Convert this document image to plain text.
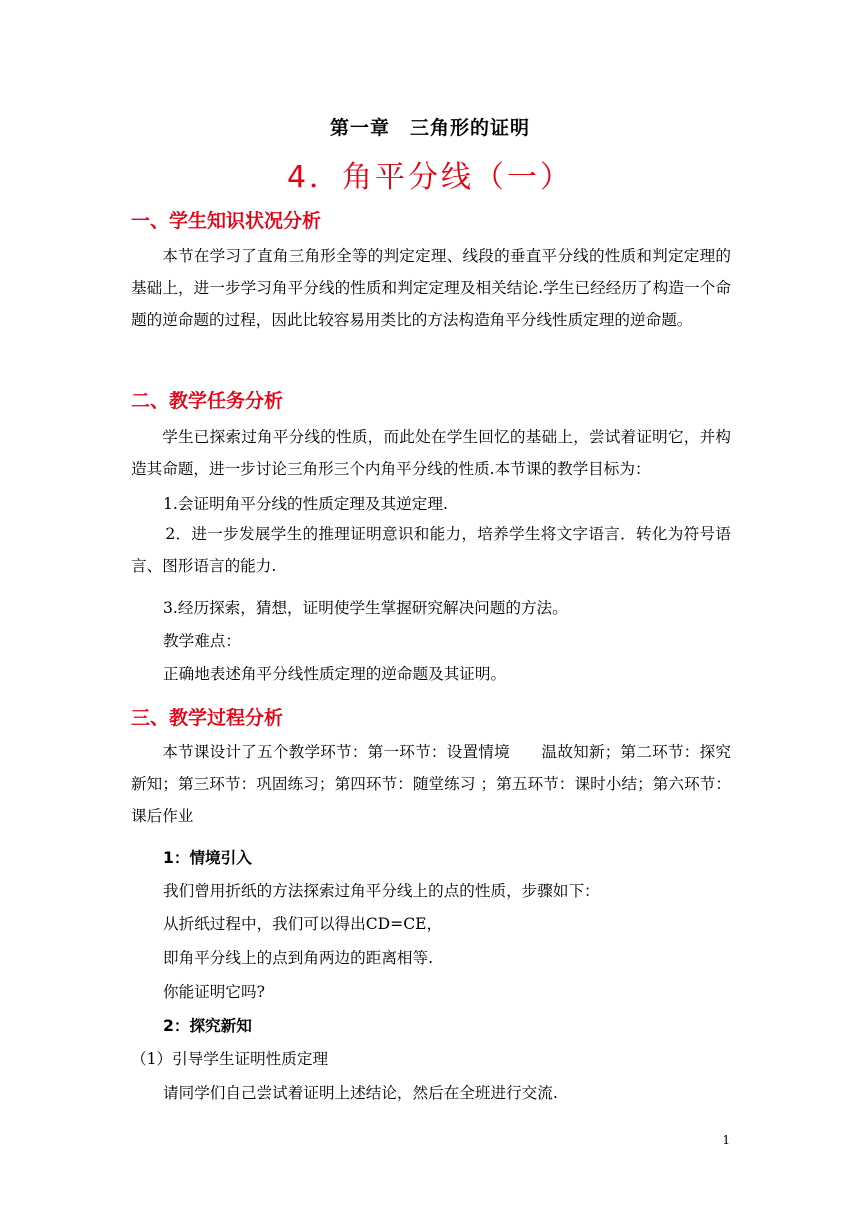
第一章　三角形的证明
4．角平分线（一）
一、学生知识状况分析

本节在学习了直角三角形全等的判定定理、线段的垂直平分线的性质和判定定理的基础上，进一步学习角平分线的性质和判定定理及相关结论.学生已经经历了构造一个命题的逆命题的过程，因此比较容易用类比的方法构造角平分线性质定理的逆命题。

二、教学任务分析

学生已探索过角平分线的性质，而此处在学生回忆的基础上，尝试着证明它，并构造其命题，进一步讨论三角形三个内角平分线的性质.本节课的教学目标为：

1.会证明角平分线的性质定理及其逆定理.

2．进一步发展学生的推理证明意识和能力，培养学生将文字语言．转化为符号语言、图形语言的能力.

3.经历探索，猜想，证明使学生掌握研究解决问题的方法。
教学难点：
正确地表述角平分线性质定理的逆命题及其证明。
三、教学过程分析

本节课设计了五个教学环节：第一环节：设置情境　　温故知新；第二环节：探究新知；第三环节：巩固练习；第四环节：随堂练习 ；第五环节：课时小结；第六环节：课后作业

1：情境引入
我们曾用折纸的方法探索过角平分线上的点的性质，步骤如下：
从折纸过程中，我们可以得出CD=CE，
即角平分线上的点到角两边的距离相等.
你能证明它吗?
2：探究新知
（1）引导学生证明性质定理
请同学们自己尝试着证明上述结论，然后在全班进行交流.
1
